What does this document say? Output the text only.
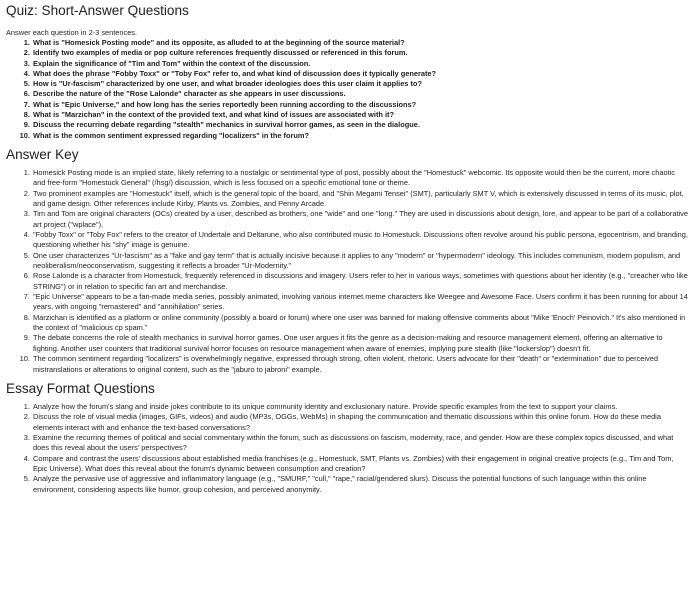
Quiz: Short-Answer Questions

Answer each question in 2-3 sentences.

1. What is "Homesick Posting mode" and its opposite, as alluded to at the beginning of the source material?
2. Identify two examples of media or pop culture references frequently discussed or referenced in this forum.
3. Explain the significance of "Tim and Tom" within the context of the discussion.
4. What does the phrase "Fobby Toxx" or "Toby Fox" refer to, and what kind of discussion does it typically generate?
5. How is "Ur-fascism" characterized by one user, and what broader ideologies does this user claim it applies to?
6. Describe the nature of the "Rose Lalonde" character as she appears in user discussions.
7. What is "Epic Universe," and how long has the series reportedly been running according to the discussions?
8. What is "Marzichan" in the context of the provided text, and what kind of issues are associated with it?
9. Discuss the recurring debate regarding "stealth" mechanics in survival horror games, as seen in the dialogue.
10. What is the common sentiment expressed regarding "localizers" in the forum?
Answer Key
1. Homesick Posting mode is an implied state, likely referring to a nostalgic or sentimental type of post, possibly about the "Homestuck" webcomic. Its opposite would then be the current, more chaotic and free-form "Homestuck General" (/hsg/) discussion, which is less focused on a specific emotional tone or theme.
2. Two prominent examples are "Homestuck" itself, which is the general topic of the board, and "Shin Megami Tensei" (SMT), particularly SMT V, which is extensively discussed in terms of its music, plot, and game design. Other references include Kirby, Plants vs. Zombies, and Penny Arcade.
3. Tim and Tom are original characters (OCs) created by a user, described as brothers, one "wide" and one "long." They are used in discussions about design, lore, and appear to be part of a collaborative art project ("wplace").
4. "Fobby Toxx" or "Toby Fox" refers to the creator of Undertale and Deltarune, who also contributed music to Homestuck. Discussions often revolve around his public persona, egocentrism, and branding, questioning whether his "shy" image is genuine.
5. One user characterizes "Ur-fascism" as a "fake and gay term" that is actually incisive because it applies to any "modern" or "hypermodern" ideology. This includes communism, modern populism, and neoliberalism/neoconservatism, suggesting it reflects a broader "Ur-Modernity."
6. Rose Lalonde is a character from Homestuck, frequently referenced in discussions and imagery. Users refer to her in various ways, sometimes with questions about her identity (e.g., "creacher who like STRING") or in relation to specific fan art and merchandise.
7. "Epic Universe" appears to be a fan-made media series, possibly animated, involving various internet meme characters like Weegee and Awesome Face. Users confirm it has been running for about 14 years, with ongoing "remastered" and "annihilation" series.
8. Marzichan is identified as a platform or online community (possibly a board or forum) where one user was banned for making offensive comments about "Mike 'Enoch' Peinovich." It's also mentioned in the context of "malicious cp spam."
9. The debate concerns the role of stealth mechanics in survival horror games. One user argues it fits the genre as a decision-making and resource management element, offering an alternative to fighting. Another user counters that traditional survival horror focuses on resource management when aware of enemies, implying pure stealth (like "lockerslop") doesn't fit.
10. The common sentiment regarding "localizers" is overwhelmingly negative, expressed through strong, often violent, rhetoric. Users advocate for their "death" or "extermination" due to perceived mistranslations or alterations to original content, such as the "jaburo to jabroni" example.
Essay Format Questions
1. Analyze how the forum's slang and inside jokes contribute to its unique community identity and exclusionary nature. Provide specific examples from the text to support your claims.
2. Discuss the role of visual media (images, GIFs, videos) and audio (MP3s, OGGs, WebMs) in shaping the communication and thematic discussions within this online forum. How do these media elements interact with and enhance the text-based conversations?
3. Examine the recurring themes of political and social commentary within the forum, such as discussions on fascism, modernity, race, and gender. How are these complex topics discussed, and what does this reveal about the users' perspectives?
4. Compare and contrast the users' discussions about established media franchises (e.g., Homestuck, SMT, Plants vs. Zombies) with their engagement in original creative projects (e.g., Tim and Tom, Epic Universe). What does this reveal about the forum's dynamic between consumption and creation?
5. Analyze the pervasive use of aggressive and inflammatory language (e.g., "SMURF," "cull," "rape," racial/gendered slurs). Discuss the potential functions of such language within this online environment, considering aspects like humor, group cohesion, and perceived anonymity.
